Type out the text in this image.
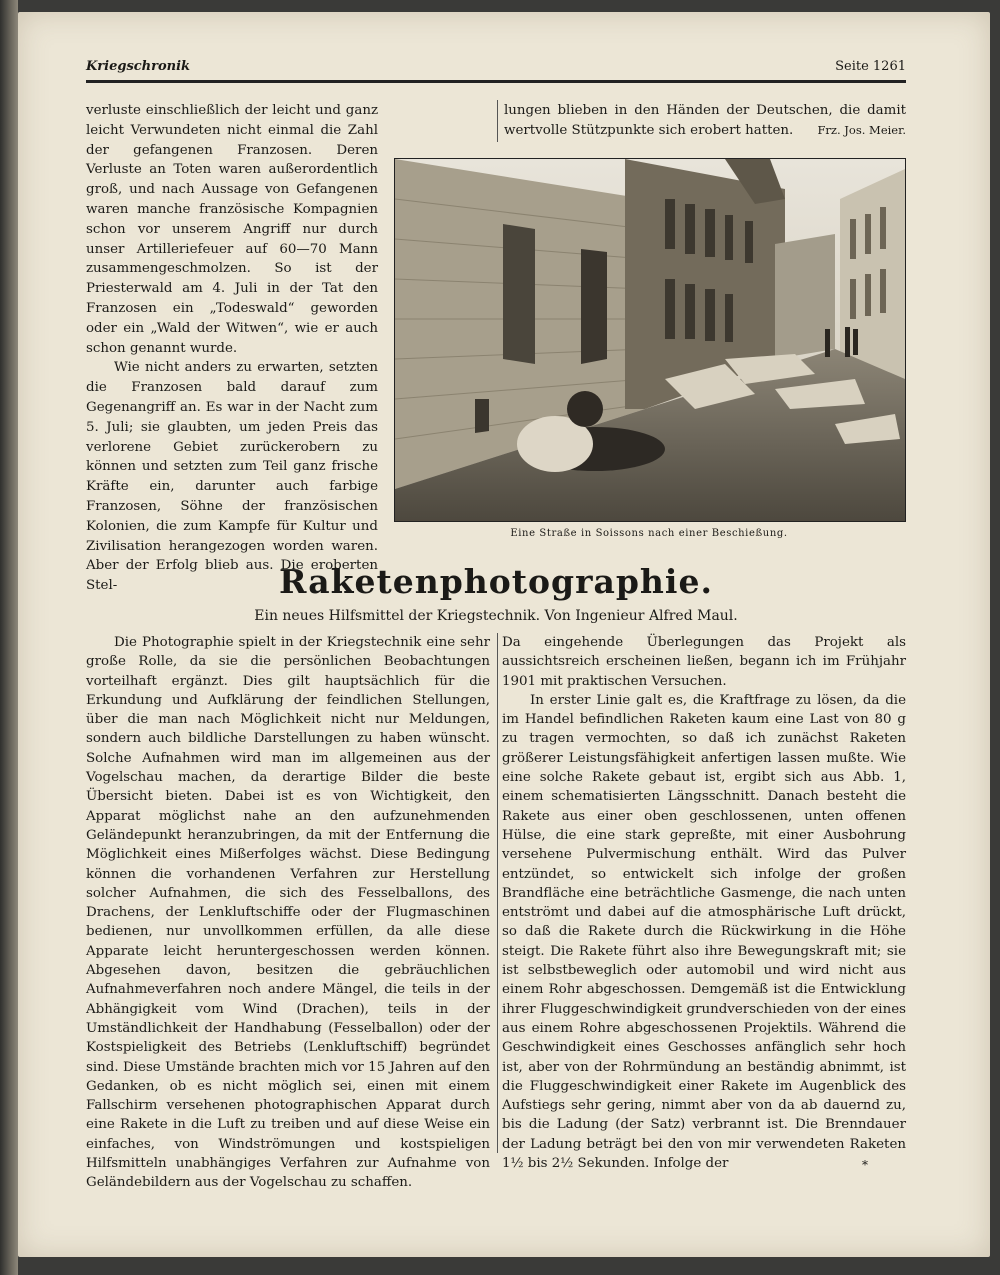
Kriegschronik	Seite 1261

verluste einschließlich der leicht und ganz leicht Verwundeten nicht einmal die Zahl der gefangenen Franzosen. Deren Verluste an Toten waren außerordentlich groß, und nach Aussage von Gefangenen waren manche französische Kompagnien schon vor unserem Angriff nur durch unser Artilleriefeuer auf 60—70 Mann zusammengeschmolzen. So ist der Priesterwald am 4. Juli in der Tat den Franzosen ein „Todeswald“ geworden oder ein „Wald der Witwen“, wie er auch schon genannt wurde.

Wie nicht anders zu erwarten, setzten die Franzosen bald darauf zum Gegenangriff an. Es war in der Nacht zum 5. Juli; sie glaubten, um jeden Preis das verlorene Gebiet zurückerobern zu können und setzten zum Teil ganz frische Kräfte ein, darunter auch farbige Franzosen, Söhne der französischen Kolonien, die zum Kampfe für Kultur und Zivilisation herangezogen worden waren. Aber der Erfolg blieb aus. Die eroberten Stel-

lungen blieben in den Händen der Deutschen, die damit wertvolle Stützpunkte sich erobert hatten. Frz. Jos. Meier.

Eine Straße in Soissons nach einer Beschießung.
Raketenphotographie.
Ein neues Hilfsmittel der Kriegstechnik. Von Ingenieur Alfred Maul.

Die Photographie spielt in der Kriegstechnik eine sehr große Rolle, da sie die persönlichen Beobachtungen vorteilhaft ergänzt. Dies gilt hauptsächlich für die Erkundung und Aufklärung der feindlichen Stellungen, über die man nach Möglichkeit nicht nur Meldungen, sondern auch bildliche Darstellungen zu haben wünscht. Solche Aufnahmen wird man im allgemeinen aus der Vogelschau machen, da derartige Bilder die beste Übersicht bieten. Dabei ist es von Wichtigkeit, den Apparat möglichst nahe an den aufzunehmenden Geländepunkt heranzubringen, da mit der Entfernung die Möglichkeit eines Mißerfolges wächst. Diese Bedingung können die vorhandenen Verfahren zur Herstellung solcher Aufnahmen, die sich des Fesselballons, des Drachens, der Lenkluftschiffe oder der Flugmaschinen bedienen, nur unvollkommen erfüllen, da alle diese Apparate leicht heruntergeschossen werden können. Abgesehen davon, besitzen die gebräuchlichen Aufnahmeverfahren noch andere Mängel, die teils in der Abhängigkeit vom Wind (Drachen), teils in der Umständlichkeit der Handhabung (Fesselballon) oder der Kostspieligkeit des Betriebs (Lenkluftschiff) begründet sind. Diese Umstände brachten mich vor 15 Jahren auf den Gedanken, ob es nicht möglich sei, einen mit einem Fallschirm versehenen photographischen Apparat durch eine Rakete in die Luft zu treiben und auf diese Weise ein einfaches, von Windströmungen und kostspieligen Hilfsmitteln unabhängiges Verfahren zur Aufnahme von Geländebildern aus der Vogelschau zu schaffen.

Da eingehende Überlegungen das Projekt als aussichtsreich erscheinen ließen, begann ich im Frühjahr 1901 mit praktischen Versuchen.

In erster Linie galt es, die Kraftfrage zu lösen, da die im Handel befindlichen Raketen kaum eine Last von 80 g zu tragen vermochten, so daß ich zunächst Raketen größerer Leistungsfähigkeit anfertigen lassen mußte. Wie eine solche Rakete gebaut ist, ergibt sich aus Abb. 1, einem schematisierten Längsschnitt. Danach besteht die Rakete aus einer oben geschlossenen, unten offenen Hülse, die eine stark gepreßte, mit einer Ausbohrung versehene Pulvermischung enthält. Wird das Pulver entzündet, so entwickelt sich infolge der großen Brandfläche eine beträchtliche Gasmenge, die nach unten entströmt und dabei auf die atmosphärische Luft drückt, so daß die Rakete durch die Rückwirkung in die Höhe steigt. Die Rakete führt also ihre Bewegungskraft mit; sie ist selbstbeweglich oder automobil und wird nicht aus einem Rohr abgeschossen. Demgemäß ist die Entwicklung ihrer Fluggeschwindigkeit grundverschieden von der eines aus einem Rohre abgeschossenen Projektils. Während die Geschwindigkeit eines Geschosses anfänglich sehr hoch ist, aber von der Rohrmündung an beständig abnimmt, ist die Fluggeschwindigkeit einer Rakete im Augenblick des Aufstiegs sehr gering, nimmt aber von da ab dauernd zu, bis die Ladung (der Satz) verbrannt ist. Die Brenndauer der Ladung beträgt bei den von mir verwendeten Raketen 1½ bis 2½ Sekunden. Infolge der	*
